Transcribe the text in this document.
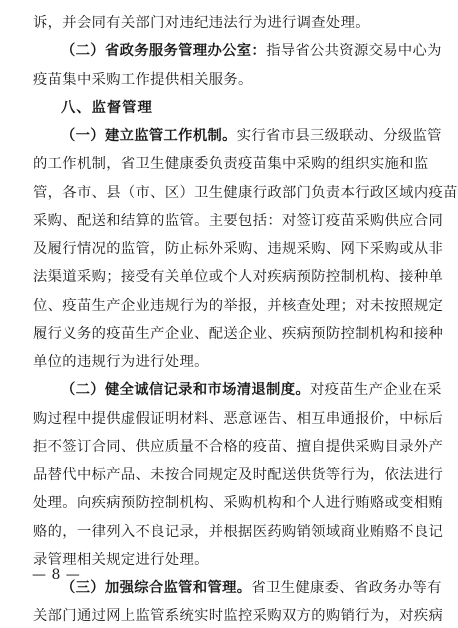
诉，并会同有关部门对违纪违法行为进行调查处理。
（二）省政务服务管理办公室：指导省公共资源交易中心为
疫苗集中采购工作提供相关服务。
八、监督管理
（一）建立监管工作机制。实行省市县三级联动、分级监管
的工作机制，省卫生健康委负责疫苗集中采购的组织实施和监
管，各市、县（市、区）卫生健康行政部门负责本行政区域内疫苗
采购、配送和结算的监管。主要包括：对签订疫苗采购供应合同
及履行情况的监管，防止标外采购、违规采购、网下采购或从非
法渠道采购；接受有关单位或个人对疾病预防控制机构、接种单
位、疫苗生产企业违规行为的举报，并核查处理；对未按照规定
履行义务的疫苗生产企业、配送企业、疾病预防控制机构和接种
单位的违规行为进行处理。
（二）健全诚信记录和市场清退制度。对疫苗生产企业在采
购过程中提供虚假证明材料、恶意诬告、相互串通报价，中标后
拒不签订合同、供应质量不合格的疫苗、擅自提供采购目录外产
品替代中标产品、未按合同规定及时配送供货等行为，依法进行
处理。向疾病预防控制机构、采购机构和个人进行贿赂或变相贿
赂的，一律列入不良记录，并根据医药购销领域商业贿赂不良记
录管理相关规定进行处理。
（三）加强综合监管和管理。省卫生健康委、省政务办等有
关部门通过网上监管系统实时监控采购双方的购销行为，对疾病
— 8 —
